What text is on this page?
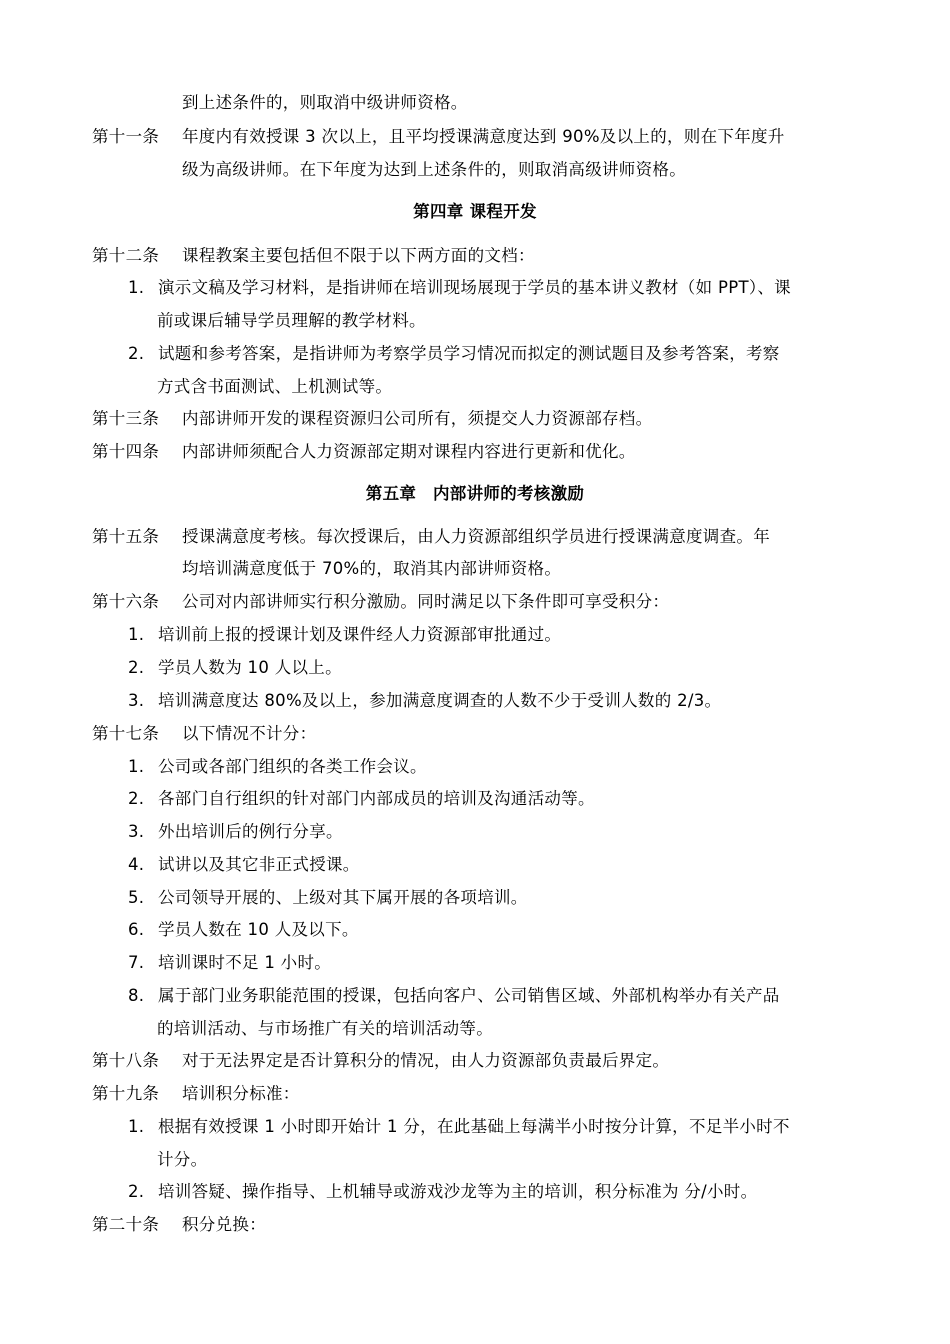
到上述条件的，则取消中级讲师资格。
第十一条 年度内有效授课 3 次以上，且平均授课满意度达到 90%及以上的，则在下年度升
级为高级讲师。在下年度为达到上述条件的，则取消高级讲师资格。
第四章 课程开发
第十二条 课程教案主要包括但不限于以下两方面的文档：
1. 演示文稿及学习材料，是指讲师在培训现场展现于学员的基本讲义教材（如 PPT）、课
前或课后辅导学员理解的教学材料。
2. 试题和参考答案，是指讲师为考察学员学习情况而拟定的测试题目及参考答案，考察
方式含书面测试、上机测试等。
第十三条 内部讲师开发的课程资源归公司所有，须提交人力资源部存档。
第十四条 内部讲师须配合人力资源部定期对课程内容进行更新和优化。
第五章　内部讲师的考核激励
第十五条 授课满意度考核。每次授课后，由人力资源部组织学员进行授课满意度调查。年
均培训满意度低于 70%的，取消其内部讲师资格。
第十六条 公司对内部讲师实行积分激励。同时满足以下条件即可享受积分：
1. 培训前上报的授课计划及课件经人力资源部审批通过。
2. 学员人数为 10 人以上。
3. 培训满意度达 80%及以上，参加满意度调查的人数不少于受训人数的 2/3。
第十七条 以下情况不计分：
1. 公司或各部门组织的各类工作会议。
2. 各部门自行组织的针对部门内部成员的培训及沟通活动等。
3. 外出培训后的例行分享。
4. 试讲以及其它非正式授课。
5. 公司领导开展的、上级对其下属开展的各项培训。
6. 学员人数在 10 人及以下。
7. 培训课时不足 1 小时。
8. 属于部门业务职能范围的授课，包括向客户、公司销售区域、外部机构举办有关产品
的培训活动、与市场推广有关的培训活动等。
第十八条 对于无法界定是否计算积分的情况，由人力资源部负责最后界定。
第十九条 培训积分标准：
1. 根据有效授课 1 小时即开始计 1 分，在此基础上每满半小时按分计算，不足半小时不
计分。
2. 培训答疑、操作指导、上机辅导或游戏沙龙等为主的培训，积分标准为 分/小时。
第二十条 积分兑换：
